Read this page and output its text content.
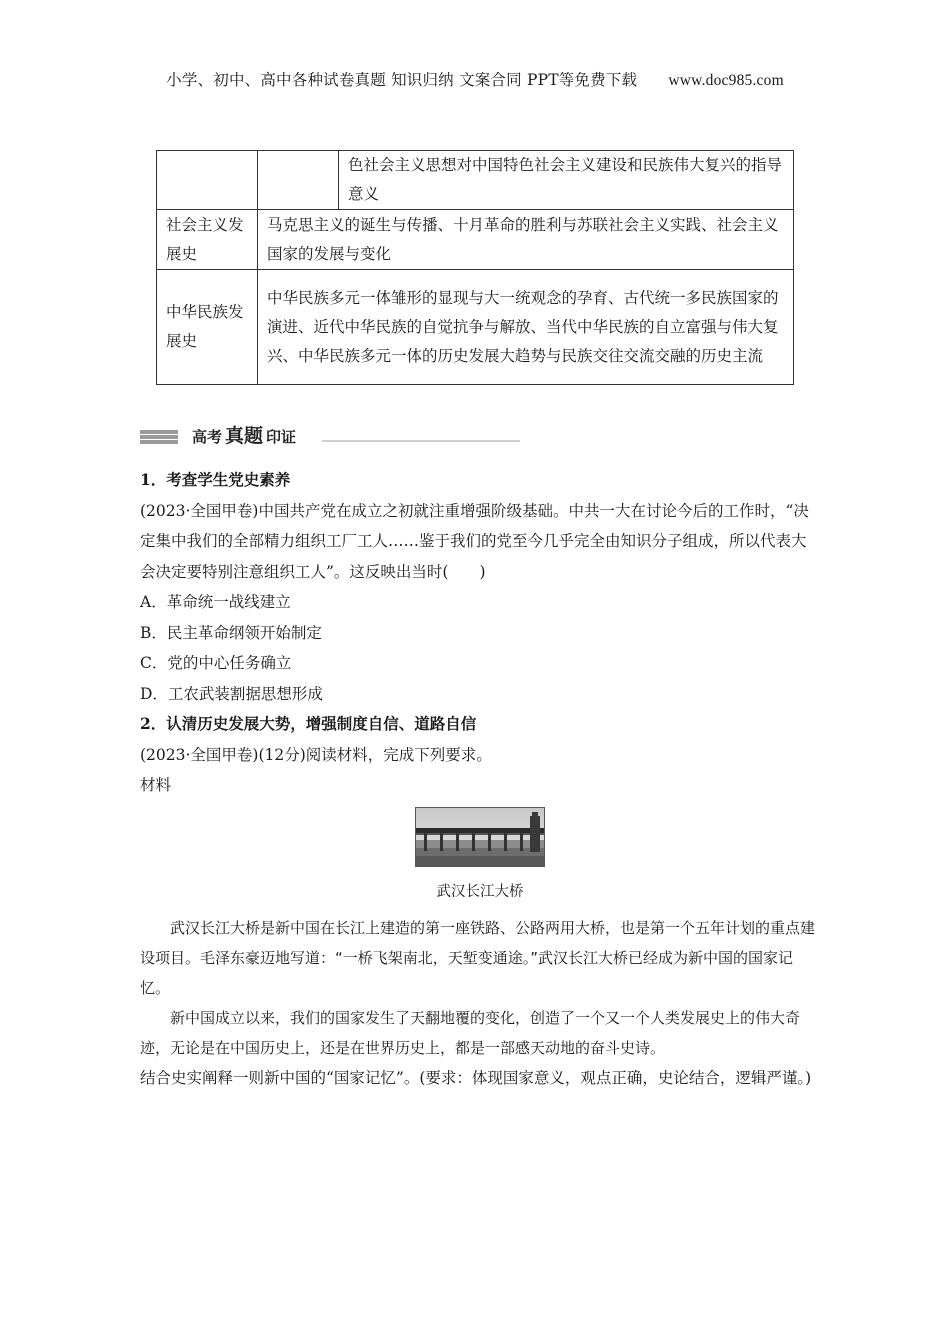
小学、初中、高中各种试卷真题 知识归纳 文案合同 PPT等免费下载 www.doc985.com
		色社会主义思想对中国特色社会主义建设和民族伟大复兴的指导意义
社会主义发展史	马克思主义的诞生与传播、十月革命的胜利与苏联社会主义实践、社会主义国家的发展与变化	
中华民族发展史	中华民族多元一体雏形的显现与大一统观念的孕育、古代统一多民族国家的演进、近代中华民族的自觉抗争与解放、当代中华民族的自立富强与伟大复兴、中华民族多元一体的历史发展大趋势与民族交往交流交融的历史主流	
高考 真题 印证

1．考查学生党史素养

(2023·全国甲卷)中国共产党在成立之初就注重增强阶级基础。中共一大在讨论今后的工作时，“决定集中我们的全部精力组织工厂工人……鉴于我们的党至今几乎完全由知识分子组成，所以代表大会决定要特别注意组织工人”。这反映出当时(　　)

A．革命统一战线建立

B．民主革命纲领开始制定

C．党的中心任务确立

D．工农武装割据思想形成

2．认清历史发展大势，增强制度自信、道路自信

(2023·全国甲卷)(12分)阅读材料，完成下列要求。

材料

武汉长江大桥

武汉长江大桥是新中国在长江上建造的第一座铁路、公路两用大桥，也是第一个五年计划的重点建设项目。毛泽东豪迈地写道：“一桥飞架南北，天堑变通途。”武汉长江大桥已经成为新中国的国家记忆。

新中国成立以来，我们的国家发生了天翻地覆的变化，创造了一个又一个人类发展史上的伟大奇迹，无论是在中国历史上，还是在世界历史上，都是一部感天动地的奋斗史诗。

结合史实阐释一则新中国的“国家记忆”。(要求：体现国家意义，观点正确，史论结合，逻辑严谨。)
